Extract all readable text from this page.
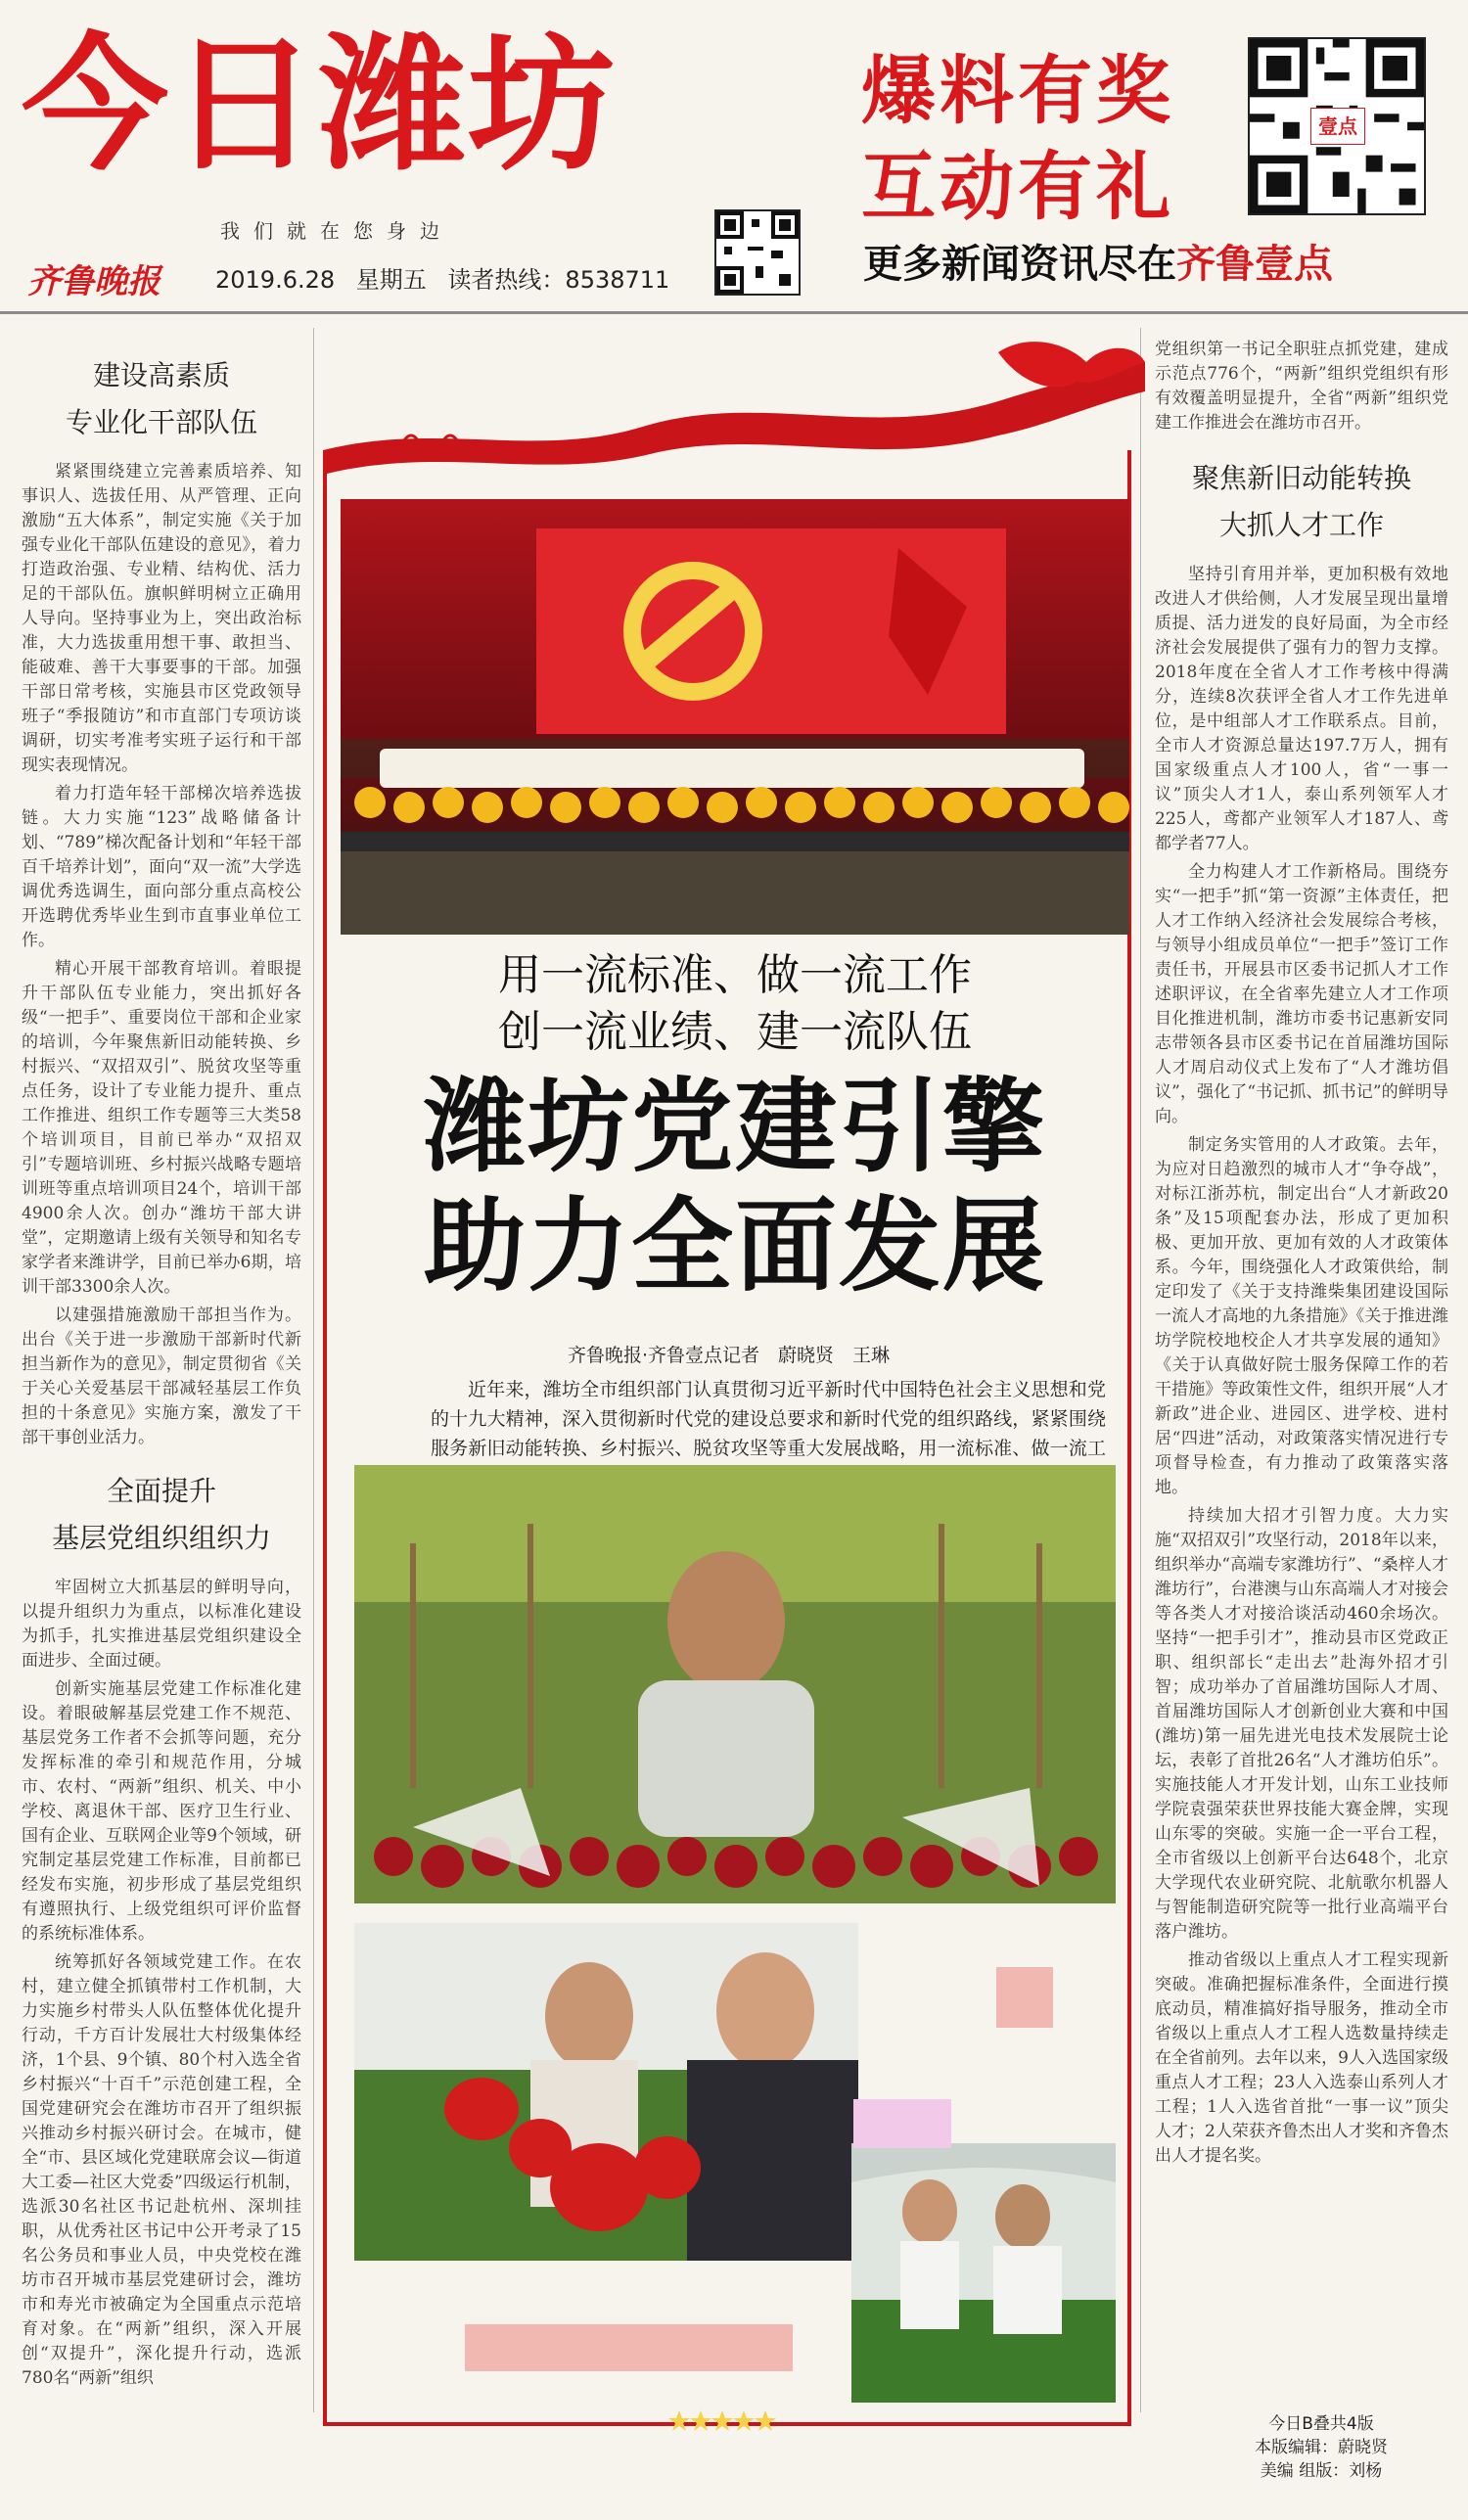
今日潍坊	爆料有奖
互动有礼
壹点
我们就在您身边
齐鲁晚报 2019.6.28 星期五 读者热线：8538711	更多新闻资讯尽在齐鲁壹点
建设高素质
专业化干部队伍

紧紧围绕建立完善素质培养、知事识人、选拔任用、从严管理、正向激励“五大体系”，制定实施《关于加强专业化干部队伍建设的意见》，着力打造政治强、专业精、结构优、活力足的干部队伍。旗帜鲜明树立正确用人导向。坚持事业为上，突出政治标准，大力选拔重用想干事、敢担当、能破难、善干大事要事的干部。加强干部日常考核，实施县市区党政领导班子“季报随访”和市直部门专项访谈调研，切实考准考实班子运行和干部现实表现情况。

着力打造年轻干部梯次培养选拔链。大力实施“123”战略储备计划、“789”梯次配备计划和“年轻干部百千培养计划”，面向“双一流”大学选调优秀选调生，面向部分重点高校公开选聘优秀毕业生到市直事业单位工作。

精心开展干部教育培训。着眼提升干部队伍专业能力，突出抓好各级“一把手”、重要岗位干部和企业家的培训，今年聚焦新旧动能转换、乡村振兴、“双招双引”、脱贫攻坚等重点任务，设计了专业能力提升、重点工作推进、组织工作专题等三大类58个培训项目，目前已举办“双招双引”专题培训班、乡村振兴战略专题培训班等重点培训项目24个，培训干部4900余人次。创办“潍坊干部大讲堂”，定期邀请上级有关领导和知名专家学者来潍讲学，目前已举办6期，培训干部3300余人次。

以建强措施激励干部担当作为。出台《关于进一步激励干部新时代新担当新作为的意见》，制定贯彻省《关于关心关爱基层干部减轻基层工作负担的十条意见》实施方案，激发了干部干事创业活力。

全面提升
基层党组织组织力

牢固树立大抓基层的鲜明导向，以提升组织力为重点，以标准化建设为抓手，扎实推进基层党组织建设全面进步、全面过硬。

创新实施基层党建工作标准化建设。着眼破解基层党建工作不规范、基层党务工作者不会抓等问题，充分发挥标准的牵引和规范作用，分城市、农村、“两新”组织、机关、中小学校、离退休干部、医疗卫生行业、国有企业、互联网企业等9个领域，研究制定基层党建工作标准，目前都已经发布实施，初步形成了基层党组织有遵照执行、上级党组织可评价监督的系统标准体系。

统筹抓好各领域党建工作。在农村，建立健全抓镇带村工作机制，大力实施乡村带头人队伍整体优化提升行动，千方百计发展壮大村级集体经济，1个县、9个镇、80个村入选全省乡村振兴“十百千”示范创建工程，全国党建研究会在潍坊市召开了组织振兴推动乡村振兴研讨会。在城市，健全“市、县区域化党建联席会议—街道大工委—社区大党委”四级运行机制，选派30名社区书记赴杭州、深圳挂职，从优秀社区书记中公开考录了15名公务员和事业人员，中央党校在潍坊市召开城市基层党建研讨会，潍坊市和寿光市被确定为全国重点示范培育对象。在“两新”组织，深入开展创“双提升”，深化提升行动，选派780名“两新”组织

党组织第一书记全职驻点抓党建，建成示范点776个，“两新”组织党组织有形有效覆盖明显提升，全省“两新”组织党建工作推进会在潍坊市召开。

聚焦新旧动能转换
大抓人才工作

坚持引育用并举，更加积极有效地改进人才供给侧，人才发展呈现出量增质提、活力迸发的良好局面，为全市经济社会发展提供了强有力的智力支撑。2018年度在全省人才工作考核中得满分，连续8次获评全省人才工作先进单位，是中组部人才工作联系点。目前，全市人才资源总量达197.7万人，拥有国家级重点人才100人，省“一事一议”顶尖人才1人，泰山系列领军人才225人，鸢都产业领军人才187人、鸢都学者77人。

全力构建人才工作新格局。围绕夯实“一把手”抓“第一资源”主体责任，把人才工作纳入经济社会发展综合考核，与领导小组成员单位“一把手”签订工作责任书，开展县市区委书记抓人才工作述职评议，在全省率先建立人才工作项目化推进机制，潍坊市委书记惠新安同志带领各县市区委书记在首届潍坊国际人才周启动仪式上发布了“人才潍坊倡议”，强化了“书记抓、抓书记”的鲜明导向。

制定务实管用的人才政策。去年，为应对日趋激烈的城市人才“争夺战”，对标江浙苏杭，制定出台“人才新政20条”及15项配套办法，形成了更加积极、更加开放、更加有效的人才政策体系。今年，围绕强化人才政策供给，制定印发了《关于支持潍柴集团建设国际一流人才高地的九条措施》《关于推进潍坊学院校地校企人才共享发展的通知》《关于认真做好院士服务保障工作的若干措施》等政策性文件，组织开展“人才新政”进企业、进园区、进学校、进村居“四进”活动，对政策落实情况进行专项督导检查，有力推动了政策落实落地。

持续加大招才引智力度。大力实施“双招双引”攻坚行动，2018年以来，组织举办“高端专家潍坊行”、“桑梓人才潍坊行”，台港澳与山东高端人才对接会等各类人才对接洽谈活动460余场次。坚持“一把手引才”，推动县市区党政正职、组织部长“走出去”赴海外招才引智；成功举办了首届潍坊国际人才周、首届潍坊国际人才创新创业大赛和中国(潍坊)第一届先进光电技术发展院士论坛，表彰了首批26名“人才潍坊伯乐”。实施技能人才开发计划，山东工业技师学院袁强荣获世界技能大赛金牌，实现山东零的突破。实施一企一平台工程，全市省级以上创新平台达648个，北京大学现代农业研究院、北航歌尔机器人与智能制造研究院等一批行业高端平台落户潍坊。

推动省级以上重点人才工程实现新突破。准确把握标准条件，全面进行摸底动员，精准搞好指导服务，推动全市省级以上重点人才工程人选数量持续走在全省前列。去年以来，9人入选国家级重点人才工程；23人入选泰山系列人才工程；1人入选省首批“一事一议”顶尖人才；2人荣获齐鲁杰出人才奖和齐鲁杰出人才提名奖。

用一流标准、做一流工作
创一流业绩、建一流队伍
潍坊党建引擎
助力全面发展
齐鲁晚报·齐鲁壹点记者　蔚晓贤　王琳
近年来，潍坊全市组织部门认真贯彻习近平新时代中国特色社会主义思想和党的十九大精神，深入贯彻新时代党的建设总要求和新时代党的组织路线，紧紧围绕服务新旧动能转换、乡村振兴、脱贫攻坚等重大发展战略，用一流标准、做一流工
今日B叠共4版
本版编辑：蔚晓贤
美编 组版：刘杨
